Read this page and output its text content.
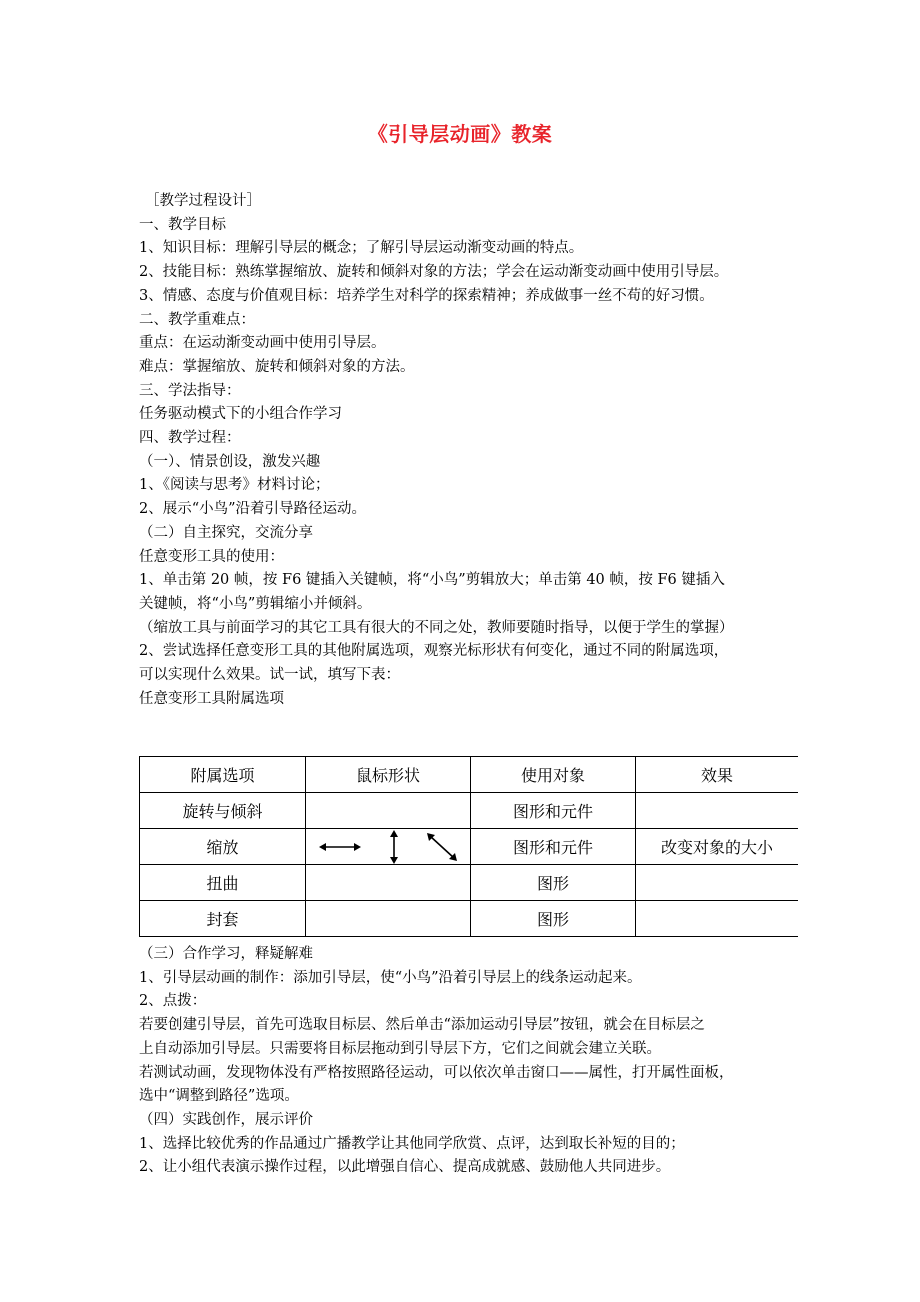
《引导层动画》教案
［教学过程设计］
一、教学目标
1、知识目标：理解引导层的概念；了解引导层运动渐变动画的特点。
2、技能目标：熟练掌握缩放、旋转和倾斜对象的方法；学会在运动渐变动画中使用引导层。
3、情感、态度与价值观目标：培养学生对科学的探索精神；养成做事一丝不苟的好习惯。
二、教学重难点：
重点：在运动渐变动画中使用引导层。
难点：掌握缩放、旋转和倾斜对象的方法。
三、学法指导：
任务驱动模式下的小组合作学习
四、教学过程：
（一）、情景创设，激发兴趣
1、《阅读与思考》材料讨论；
2、展示“小鸟”沿着引导路径运动。
（二）自主探究，交流分享
任意变形工具的使用：
1、单击第 20 帧，按 F6 键插入关键帧，将“小鸟”剪辑放大；单击第 40 帧，按 F6 键插入
关键帧，将“小鸟”剪辑缩小并倾斜。
（缩放工具与前面学习的其它工具有很大的不同之处，教师要随时指导，以便于学生的掌握）
2、尝试选择任意变形工具的其他附属选项，观察光标形状有何变化，通过不同的附属选项，
可以实现什么效果。试一试，填写下表：
任意变形工具附属选项
附属选项	鼠标形状	使用对象	效果
旋转与倾斜		图形和元件	
缩放		图形和元件	改变对象的大小
扭曲		图形	
封套		图形	
（三）合作学习，释疑解难
1、引导层动画的制作：添加引导层，使“小鸟”沿着引导层上的线条运动起来。
2、点拨：
若要创建引导层，首先可选取目标层、然后单击“添加运动引导层”按钮，就会在目标层之
上自动添加引导层。只需要将目标层拖动到引导层下方，它们之间就会建立关联。
若测试动画，发现物体没有严格按照路径运动，可以依次单击窗口——属性，打开属性面板，
选中“调整到路径”选项。
（四）实践创作，展示评价
1、选择比较优秀的作品通过广播教学让其他同学欣赏、点评，达到取长补短的目的；
2、让小组代表演示操作过程，以此增强自信心、提高成就感、鼓励他人共同进步。
